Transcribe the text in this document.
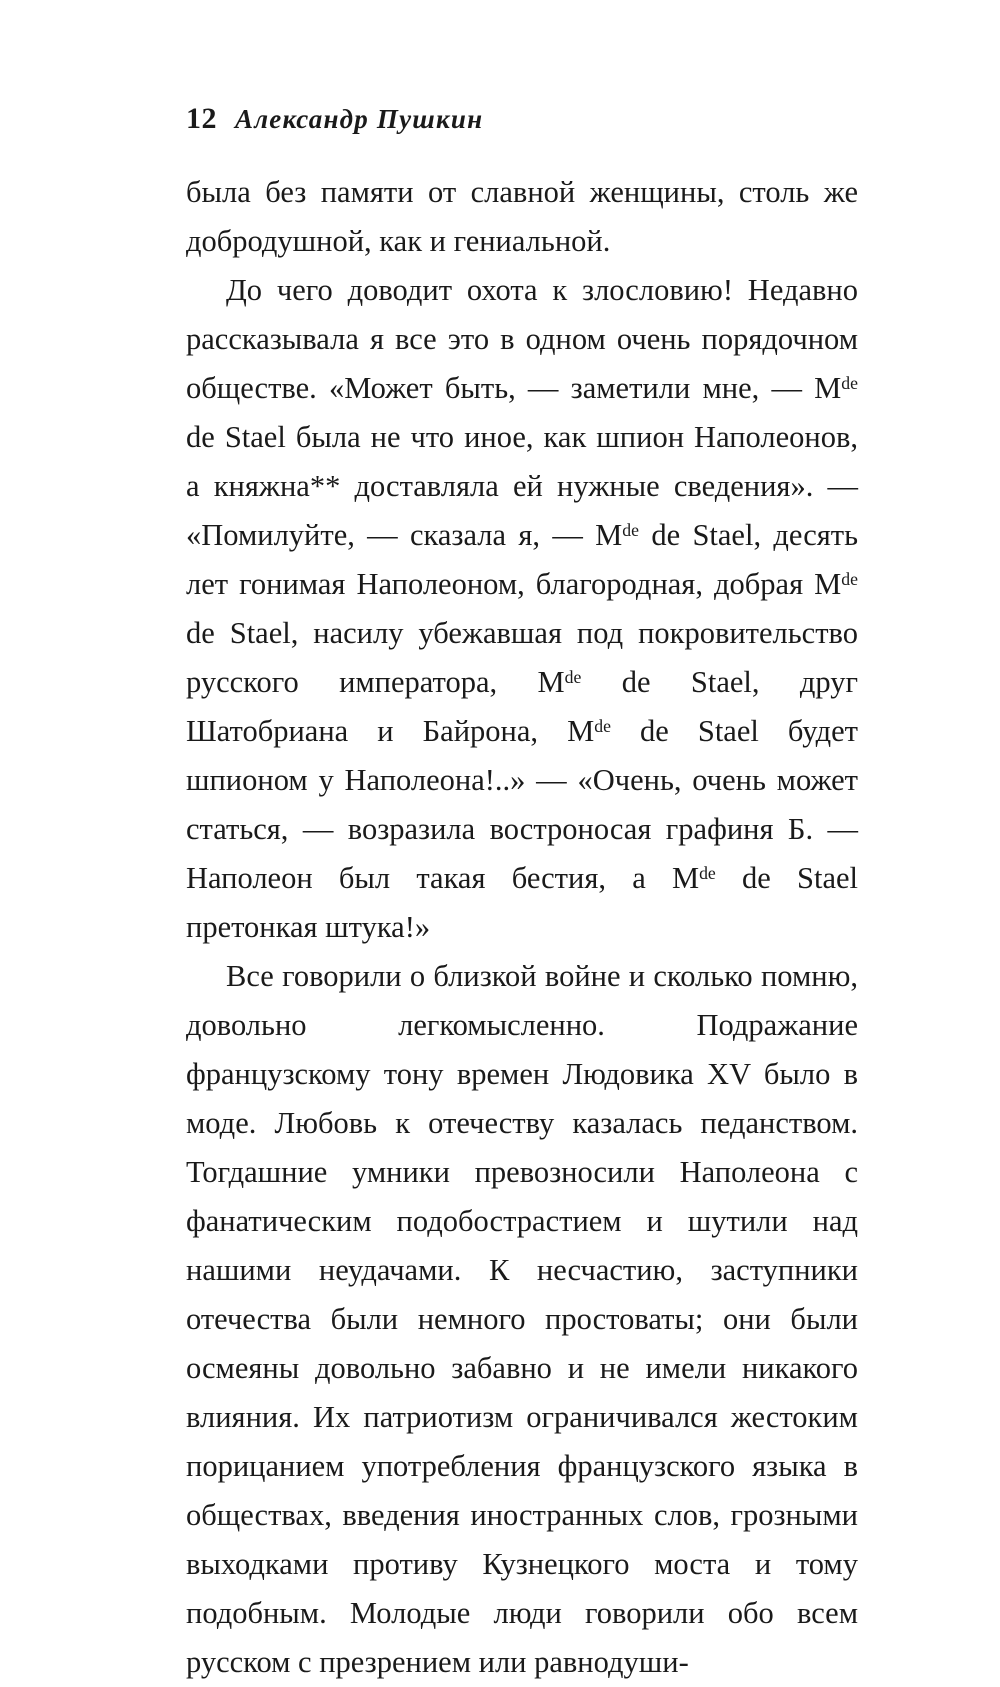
12 Александр Пушкин

была без памяти от славной женщины, столь же добродушной, как и гениальной.

До чего доводит охота к злословию! Недавно рассказывала я все это в одном очень порядочном обществе. «Может быть, — заметили мне, — Mde de Stael была не что иное, как шпион Наполеонов, а княжна** доставляла ей нужные сведения». — «Помилуйте, — сказала я, — Mde de Stael, десять лет гонимая Наполеоном, благородная, добрая Mde de Stael, насилу убежавшая под покровительство русского императора, Mde de Stael, друг Шатобриана и Байрона, Mde de Stael будет шпионом у Наполеона!..» — «Очень, очень может статься, — возразила востроносая графиня Б. — Наполеон был такая бестия, а Mde de Stael претонкая штука!»

Все говорили о близкой войне и сколько помню, довольно легкомысленно. Подражание французскому тону времен Людовика XV было в моде. Любовь к отечеству казалась педанством. Тогдашние умники превозносили Наполеона с фанатическим подобострастием и шутили над нашими неудачами. К несчастию, заступники отечества были немного простоваты; они были осмеяны довольно забавно и не имели никакого влияния. Их патриотизм ограничивался жестоким порицанием употребления французского языка в обществах, введения иностранных слов, грозными выходками противу Кузнецкого моста и тому подобным. Молодые люди говорили обо всем русском с презрением или равнодуши-
